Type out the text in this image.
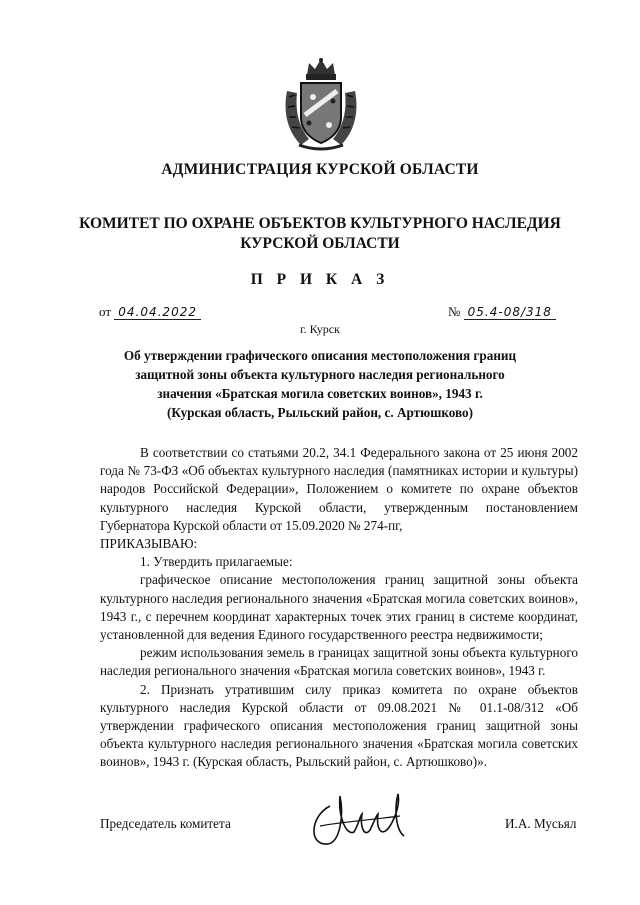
АДМИНИСТРАЦИЯ КУРСКОЙ ОБЛАСТИ
КОМИТЕТ ПО ОХРАНЕ ОБЪЕКТОВ КУЛЬТУРНОГО НАСЛЕДИЯ
КУРСКОЙ ОБЛАСТИ
П Р И К А З
от 04.04.2022	№ 05.4-08/318
г. Курск
Об утверждении графического описания местоположения границ
защитной зоны объекта культурного наследия регионального
значения «Братская могила советских воинов», 1943 г.
(Курская область, Рыльский район, с. Артюшково)

В соответствии со статьями 20.2, 34.1 Федерального закона от 25 июня 2002 года № 73-ФЗ «Об объектах культурного наследия (памятниках истории и культуры) народов Российской Федерации», Положением о комитете по охране объектов культурного наследия Курской области, утвержденным постановлением Губернатора Курской области от 15.09.2020 № 274-пг,

ПРИКАЗЫВАЮ:

1. Утвердить прилагаемые:

графическое описание местоположения границ защитной зоны объекта культурного наследия регионального значения «Братская могила советских воинов», 1943 г., с перечнем координат характерных точек этих границ в системе координат, установленной для ведения Единого государственного реестра недвижимости;

режим использования земель в границах защитной зоны объекта культурного наследия регионального значения «Братская могила советских воинов», 1943 г.

2. Признать утратившим силу приказ комитета по охране объектов культурного наследия Курской области от 09.08.2021 № 01.1-08/312 «Об утверждении графического описания местоположения границ защитной зоны объекта культурного наследия регионального значения «Братская могила советских воинов», 1943 г. (Курская область, Рыльский район, с. Артюшково)».

Председатель комитета	И.А. Мусьял
